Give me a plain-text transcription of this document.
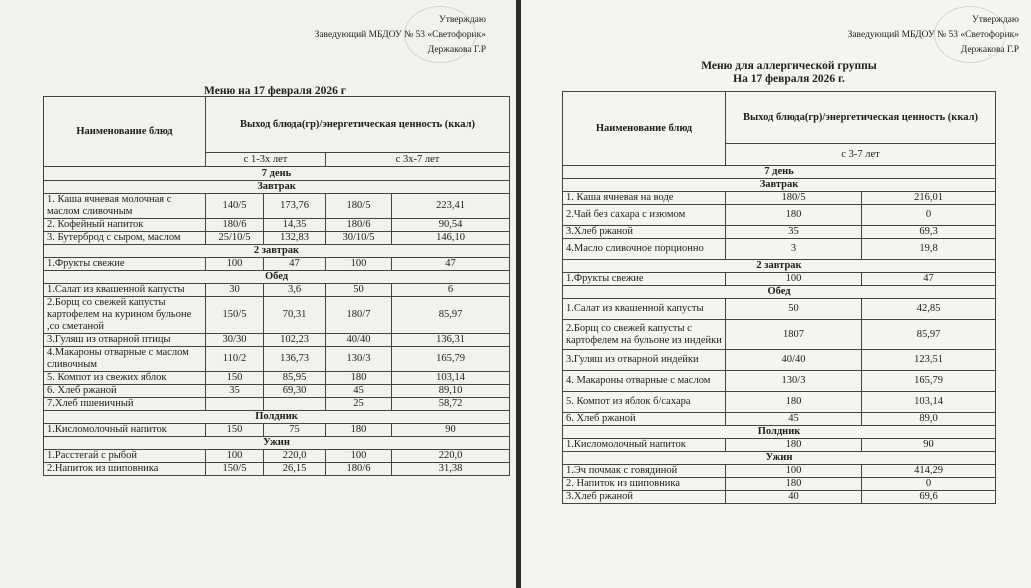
Утверждаю
Заведующий МБДОУ № 53 «Светофорик»
Держакова Г.Р
Меню на 17 февраля 2026 г
Наименование блюд	Выход блюда(гр)/энергетическая ценность (ккал)			
	с 1-3х лет		с 3х-7 лет	
7 день				
Завтрак				
1. Каша ячневая молочная с маслом сливочным	140/5	173,76	180/5	223,41
2. Кофейный напиток	180/6	14,35	180/6	90,54
3. Бутерброд с сыром, маслом	25/10/5	132,83	30/10/5	146,10
2 завтрак				
1.Фрукты свежие	100	47	100	47
Обед				
1.Салат из квашенной капусты	30	3,6	50	6
2.Борщ со свежей капусты картофелем на курином бульоне ,со сметаной	150/5	70,31	180/7	85,97
3.Гуляш из отварной птицы	30/30	102,23	40/40	136,31
4.Макароны отварные с маслом сливочным	110/2	136,73	130/3	165,79
5. Компот из свежих яблок	150	85,95	180	103,14
6. Хлеб ржаной	35	69,30	45	89,10
7.Хлеб пшеничный			25	58,72
Полдник				
1.Кисломолочный напиток	150	75	180	90
Ужин				
1.Расстегай с рыбой	100	220,0	100	220,0
2.Напиток из шиповника	150/5	26,15	180/6	31,38
Утверждаю
Заведующий МБДОУ № 53 «Светофорик»
Держакова Г.Р
Меню для аллергической группы
На 17 февраля 2026 г.
Наименование блюд	Выход блюда(гр)/энергетическая ценность (ккал)	
	с 3-7 лет	
7 день		
Завтрак		
1. Каша ячневая на воде	180/5	216,01
2.Чай без сахара с изюмом	180	0
3.Хлеб ржаной	35	69,3
4.Масло сливочное порционно	3	19,8
2 завтрак		
1.Фрукты свежие	100	47
Обед		
1.Салат из квашенной капусты	50	42,85
2.Борщ со свежей капусты с картофелем на бульоне из индейки	1807	85,97
3.Гуляш из отварной индейки	40/40	123,51
4. Макароны отварные с маслом	130/3	165,79
5. Компот из яблок б/сахара	180	103,14
6. Хлеб ржаной	45	89,0
Полдник		
1.Кисломолочный напиток	180	90
Ужин		
1.Эч почмак с говядиной	100	414,29
2. Напиток из шиповника	180	0
3.Хлеб ржаной	40	69,6
